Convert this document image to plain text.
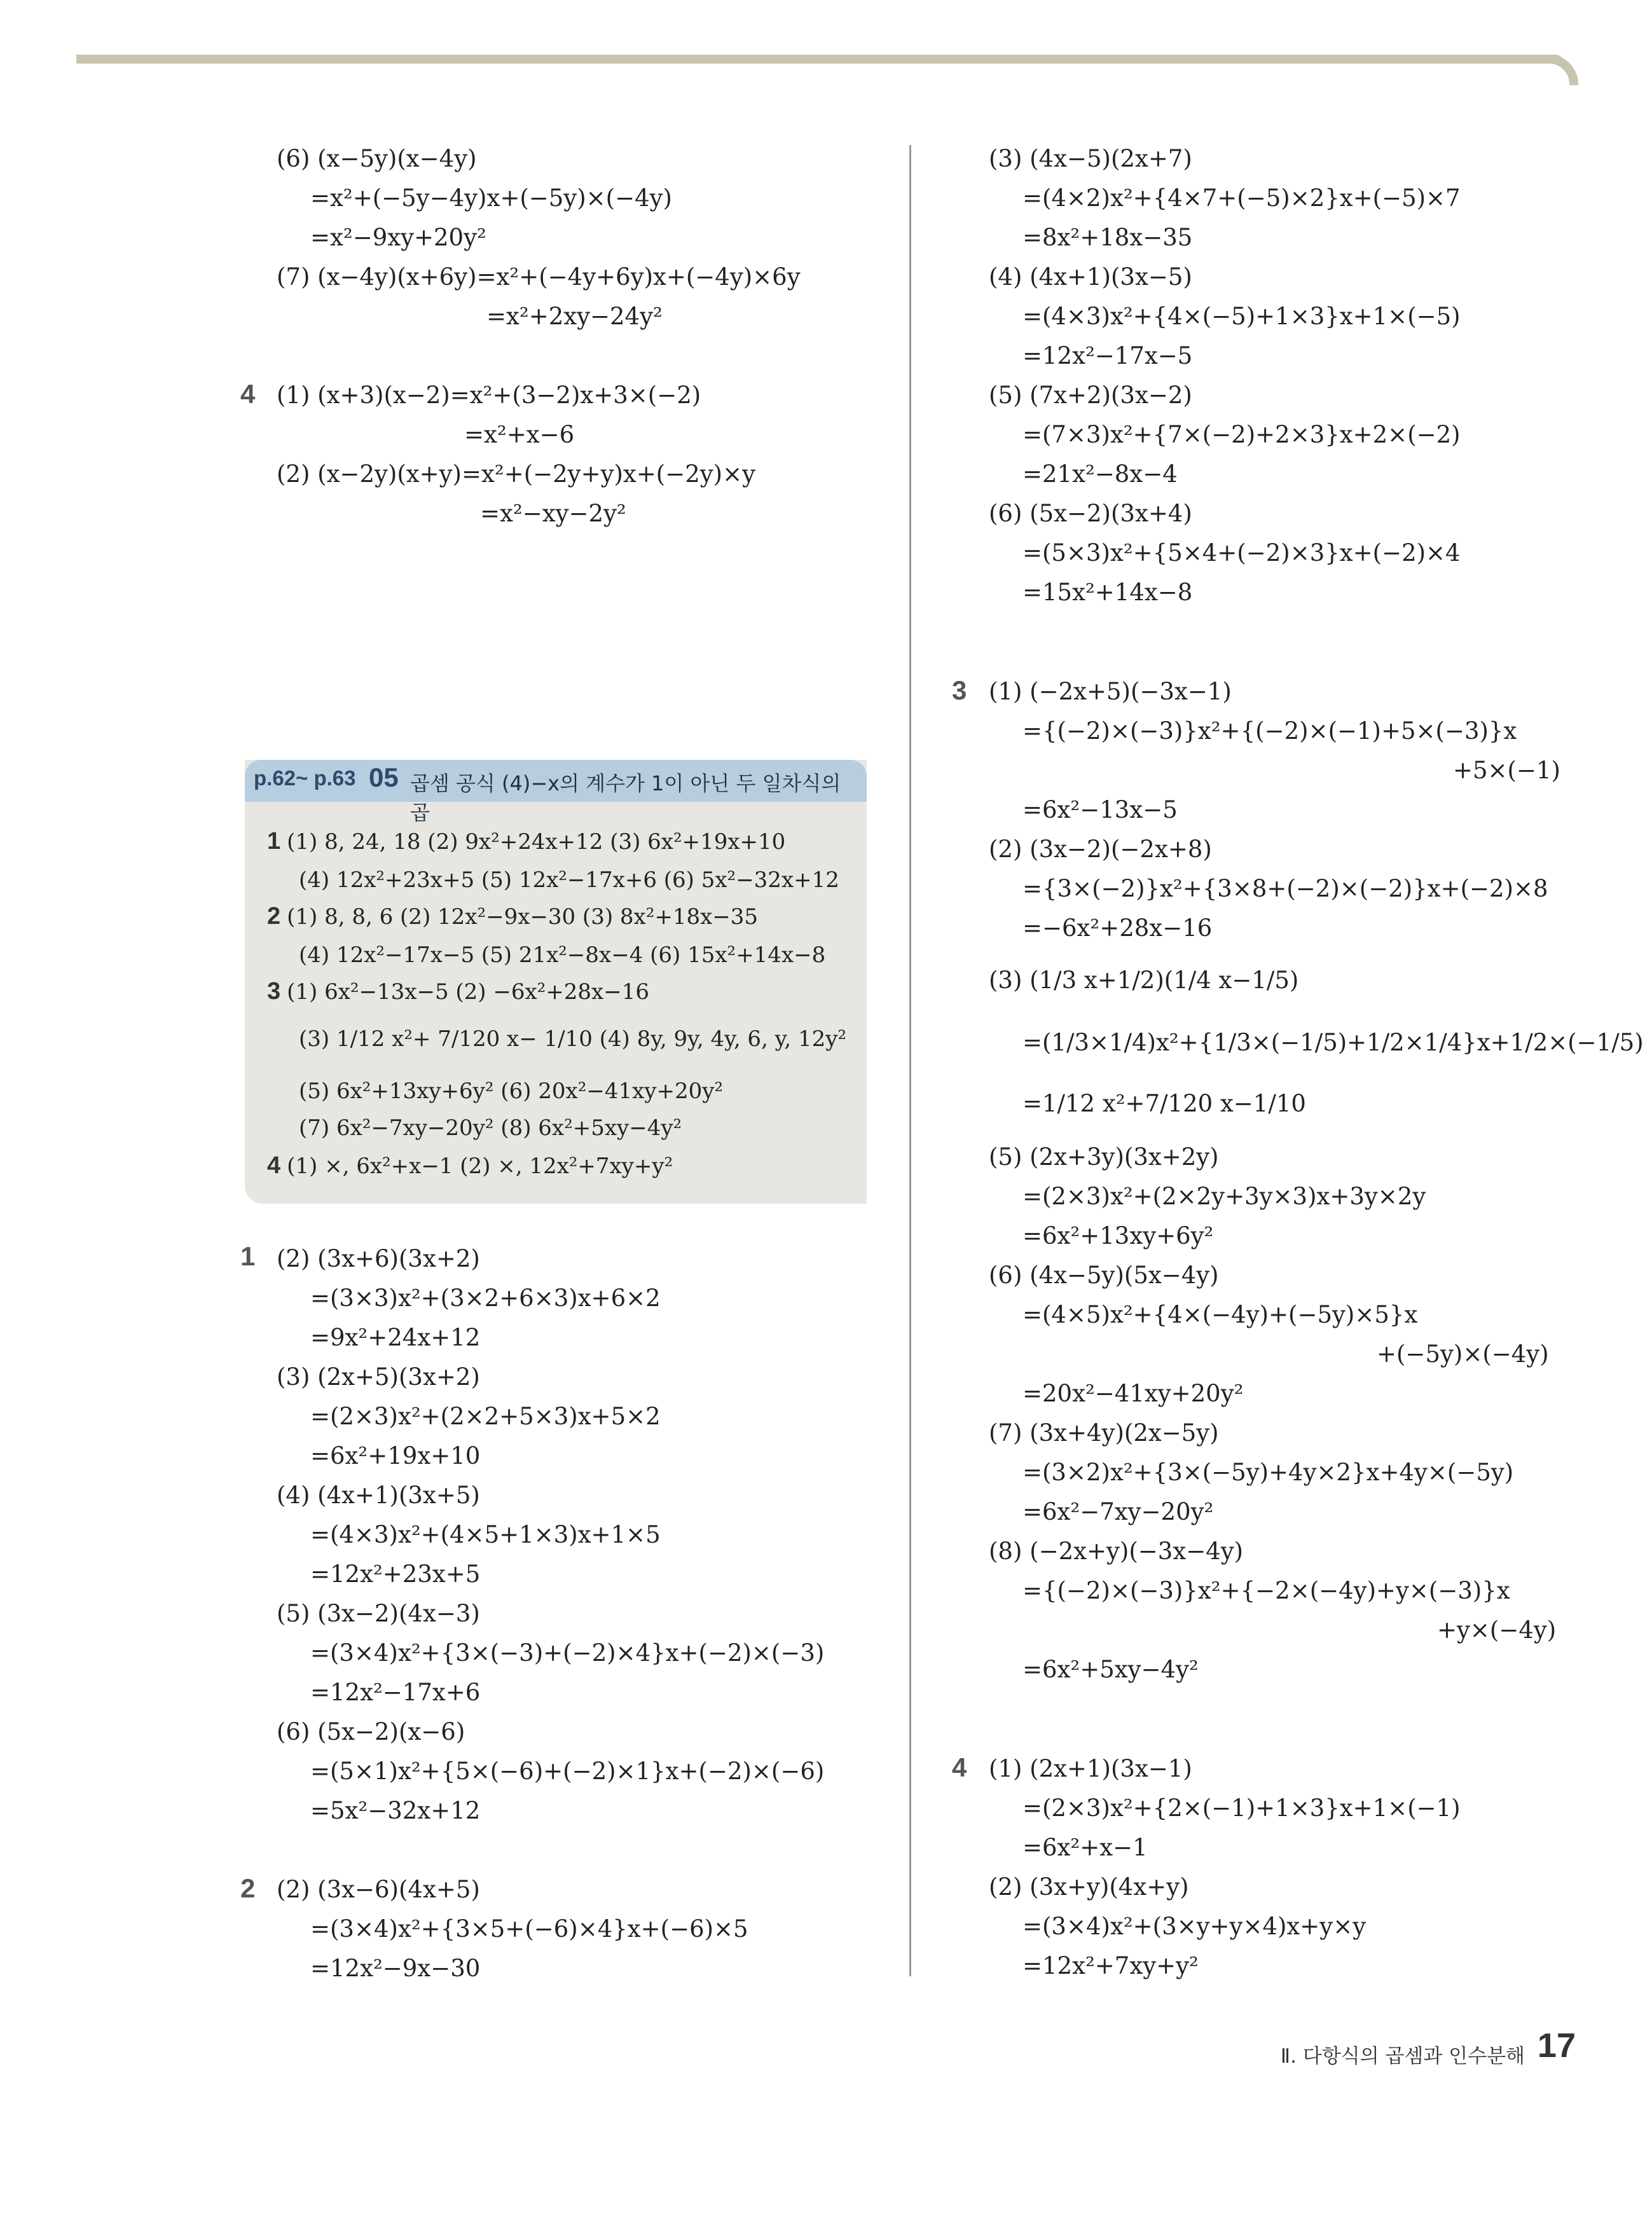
(6) (x−5y)(x−4y)
=x²+(−5y−4y)x+(−5y)×(−4y)
=x²−9xy+20y²
(7) (x−4y)(x+6y)=x²+(−4y+6y)x+(−4y)×6y
=x²+2xy−24y²
4 (1) (x+3)(x−2)=x²+(3−2)x+3×(−2)
=x²+x−6
(2) (x−2y)(x+y)=x²+(−2y+y)x+(−2y)×y
=x²−xy−2y²
p.62~ p.63 05 곱셈 공식 (4)−x의 계수가 1이 아닌 두 일차식의 곱
1 (1) 8, 24, 18 (2) 9x²+24x+12 (3) 6x²+19x+10
(4) 12x²+23x+5 (5) 12x²−17x+6 (6) 5x²−32x+12
2 (1) 8, 8, 6 (2) 12x²−9x−30 (3) 8x²+18x−35
(4) 12x²−17x−5 (5) 21x²−8x−4 (6) 15x²+14x−8
3 (1) 6x²−13x−5 (2) −6x²+28x−16
(3) 1/12 x²+ 7/120 x− 1/10 (4) 8y, 9y, 4y, 6, y, 12y²
(5) 6x²+13xy+6y² (6) 20x²−41xy+20y²
(7) 6x²−7xy−20y² (8) 6x²+5xy−4y²
4 (1) ×, 6x²+x−1 (2) ×, 12x²+7xy+y²
1 (2) (3x+6)(3x+2)
=(3×3)x²+(3×2+6×3)x+6×2
=9x²+24x+12
(3) (2x+5)(3x+2)
=(2×3)x²+(2×2+5×3)x+5×2
=6x²+19x+10
(4) (4x+1)(3x+5)
=(4×3)x²+(4×5+1×3)x+1×5
=12x²+23x+5
(5) (3x−2)(4x−3)
=(3×4)x²+{3×(−3)+(−2)×4}x+(−2)×(−3)
=12x²−17x+6
(6) (5x−2)(x−6)
=(5×1)x²+{5×(−6)+(−2)×1}x+(−2)×(−6)
=5x²−32x+12
2 (2) (3x−6)(4x+5)
=(3×4)x²+{3×5+(−6)×4}x+(−6)×5
=12x²−9x−30
(3) (4x−5)(2x+7)
=(4×2)x²+{4×7+(−5)×2}x+(−5)×7
=8x²+18x−35
(4) (4x+1)(3x−5)
=(4×3)x²+{4×(−5)+1×3}x+1×(−5)
=12x²−17x−5
(5) (7x+2)(3x−2)
=(7×3)x²+{7×(−2)+2×3}x+2×(−2)
=21x²−8x−4
(6) (5x−2)(3x+4)
=(5×3)x²+{5×4+(−2)×3}x+(−2)×4
=15x²+14x−8
3 (1) (−2x+5)(−3x−1)
={(−2)×(−3)}x²+{(−2)×(−1)+5×(−3)}x
+5×(−1)
=6x²−13x−5
(2) (3x−2)(−2x+8)
={3×(−2)}x²+{3×8+(−2)×(−2)}x+(−2)×8
=−6x²+28x−16
(3) (1/3 x+1/2)(1/4 x−1/5)
=(1/3×1/4)x²+{1/3×(−1/5)+1/2×1/4}x+1/2×(−1/5)
=1/12 x²+7/120 x−1/10
(5) (2x+3y)(3x+2y)
=(2×3)x²+(2×2y+3y×3)x+3y×2y
=6x²+13xy+6y²
(6) (4x−5y)(5x−4y)
=(4×5)x²+{4×(−4y)+(−5y)×5}x
+(−5y)×(−4y)
=20x²−41xy+20y²
(7) (3x+4y)(2x−5y)
=(3×2)x²+{3×(−5y)+4y×2}x+4y×(−5y)
=6x²−7xy−20y²
(8) (−2x+y)(−3x−4y)
={(−2)×(−3)}x²+{−2×(−4y)+y×(−3)}x
+y×(−4y)
=6x²+5xy−4y²
4 (1) (2x+1)(3x−1)
=(2×3)x²+{2×(−1)+1×3}x+1×(−1)
=6x²+x−1
(2) (3x+y)(4x+y)
=(3×4)x²+(3×y+y×4)x+y×y
=12x²+7xy+y²
Ⅱ. 다항식의 곱셈과 인수분해 17
